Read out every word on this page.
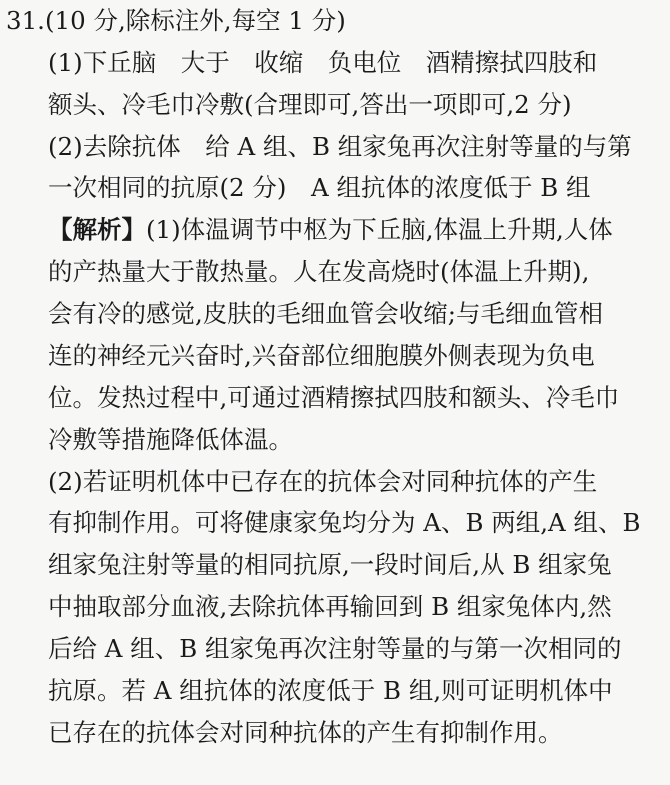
31.(10 分,除标注外,每空 1 分)
(1)下丘脑　大于　收缩　负电位　酒精擦拭四肢和
额头、冷毛巾冷敷(合理即可,答出一项即可,2 分)
(2)去除抗体　给 A 组、B 组家兔再次注射等量的与第
一次相同的抗原(2 分)　A 组抗体的浓度低于 B 组
【解析】(1)体温调节中枢为下丘脑,体温上升期,人体
的产热量大于散热量。人在发高烧时(体温上升期),
会有冷的感觉,皮肤的毛细血管会收缩;与毛细血管相
连的神经元兴奋时,兴奋部位细胞膜外侧表现为负电
位。发热过程中,可通过酒精擦拭四肢和额头、冷毛巾
冷敷等措施降低体温。
(2)若证明机体中已存在的抗体会对同种抗体的产生
有抑制作用。可将健康家兔均分为 A、B 两组,A 组、B
组家兔注射等量的相同抗原,一段时间后,从 B 组家兔
中抽取部分血液,去除抗体再输回到 B 组家兔体内,然
后给 A 组、B 组家兔再次注射等量的与第一次相同的
抗原。若 A 组抗体的浓度低于 B 组,则可证明机体中
已存在的抗体会对同种抗体的产生有抑制作用。
